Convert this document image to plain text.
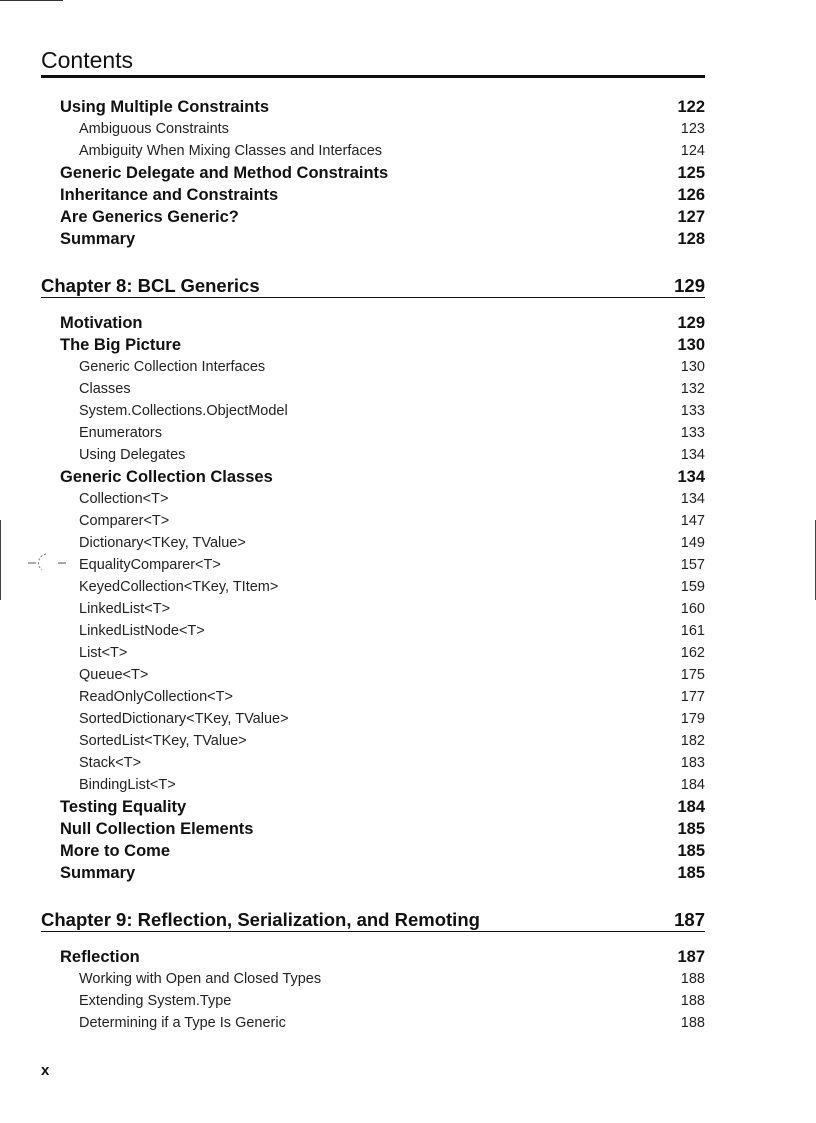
Contents
Using Multiple Constraints	122
Ambiguous Constraints	123
Ambiguity When Mixing Classes and Interfaces	124
Generic Delegate and Method Constraints	125
Inheritance and Constraints	126
Are Generics Generic?	127
Summary	128
Chapter 8: BCL Generics	129
Motivation	129
The Big Picture	130
Generic Collection Interfaces	130
Classes	132
System.Collections.ObjectModel	133
Enumerators	133
Using Delegates	134
Generic Collection Classes	134
Collection<T>	134
Comparer<T>	147
Dictionary<TKey, TValue>	149
EqualityComparer<T>	157
KeyedCollection<TKey, TItem>	159
LinkedList<T>	160
LinkedListNode<T>	161
List<T>	162
Queue<T>	175
ReadOnlyCollection<T>	177
SortedDictionary<TKey, TValue>	179
SortedList<TKey, TValue>	182
Stack<T>	183
BindingList<T>	184
Testing Equality	184
Null Collection Elements	185
More to Come	185
Summary	185
Chapter 9: Reflection, Serialization, and Remoting	187
Reflection	187
Working with Open and Closed Types	188
Extending System.Type	188
Determining if a Type Is Generic	188
x
